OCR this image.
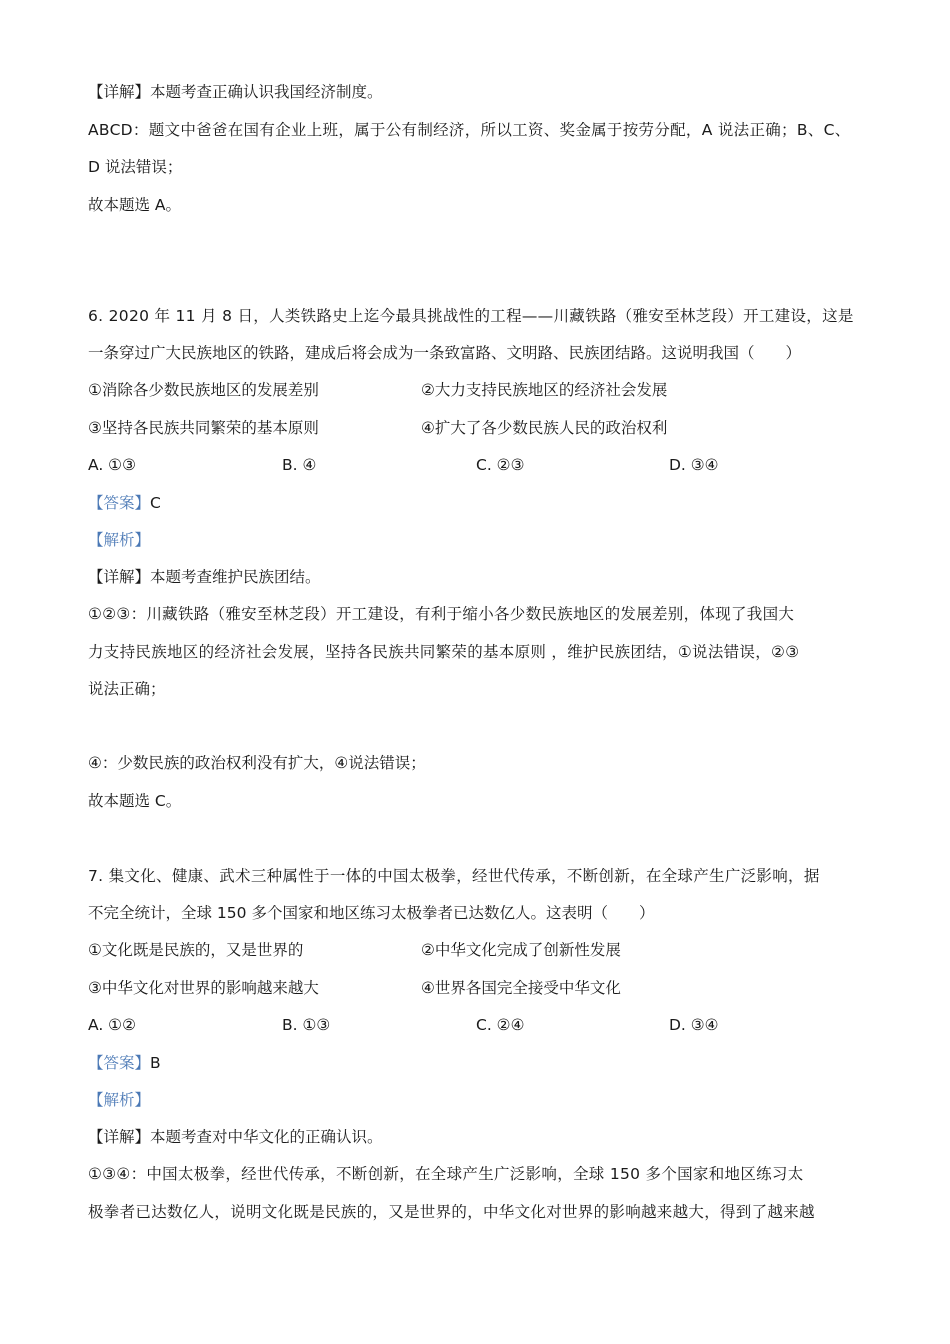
【详解】本题考查正确认识我国经济制度。
ABCD：题文中爸爸在国有企业上班，属于公有制经济，所以工资、奖金属于按劳分配，A 说法正确；B、C、
D 说法错误；
故本题选 A。
6. 2020 年 11 月 8 日，人类铁路史上迄今最具挑战性的工程——川藏铁路（雅安至林芝段）开工建设，这是
一条穿过广大民族地区的铁路，建成后将会成为一条致富路、文明路、民族团结路。这说明我国（　　）
①消除各少数民族地区的发展差别	②大力支持民族地区的经济社会发展
③坚持各民族共同繁荣的基本原则	④扩大了各少数民族人民的政治权利
A. ①③	B. ④	C. ②③	D. ③④
【答案】C
【解析】
【详解】本题考查维护民族团结。
①②③：川藏铁路（雅安至林芝段）开工建设，有利于缩小各少数民族地区的发展差别，体现了我国大
力支持民族地区的经济社会发展，坚持各民族共同繁荣的基本原则 ，维护民族团结，①说法错误，②③
说法正确；
④：少数民族的政治权利没有扩大，④说法错误；
故本题选 C。
7. 集文化、健康、武术三种属性于一体的中国太极拳，经世代传承，不断创新，在全球产生广泛影响，据
不完全统计，全球 150 多个国家和地区练习太极拳者已达数亿人。这表明（　　）
①文化既是民族的，又是世界的	②中华文化完成了创新性发展
③中华文化对世界的影响越来越大	④世界各国完全接受中华文化
A. ①②	B. ①③	C. ②④	D. ③④
【答案】B
【解析】
【详解】本题考查对中华文化的正确认识。
①③④：中国太极拳，经世代传承，不断创新，在全球产生广泛影响，全球 150 多个国家和地区练习太
极拳者已达数亿人，说明文化既是民族的，又是世界的，中华文化对世界的影响越来越大，得到了越来越
